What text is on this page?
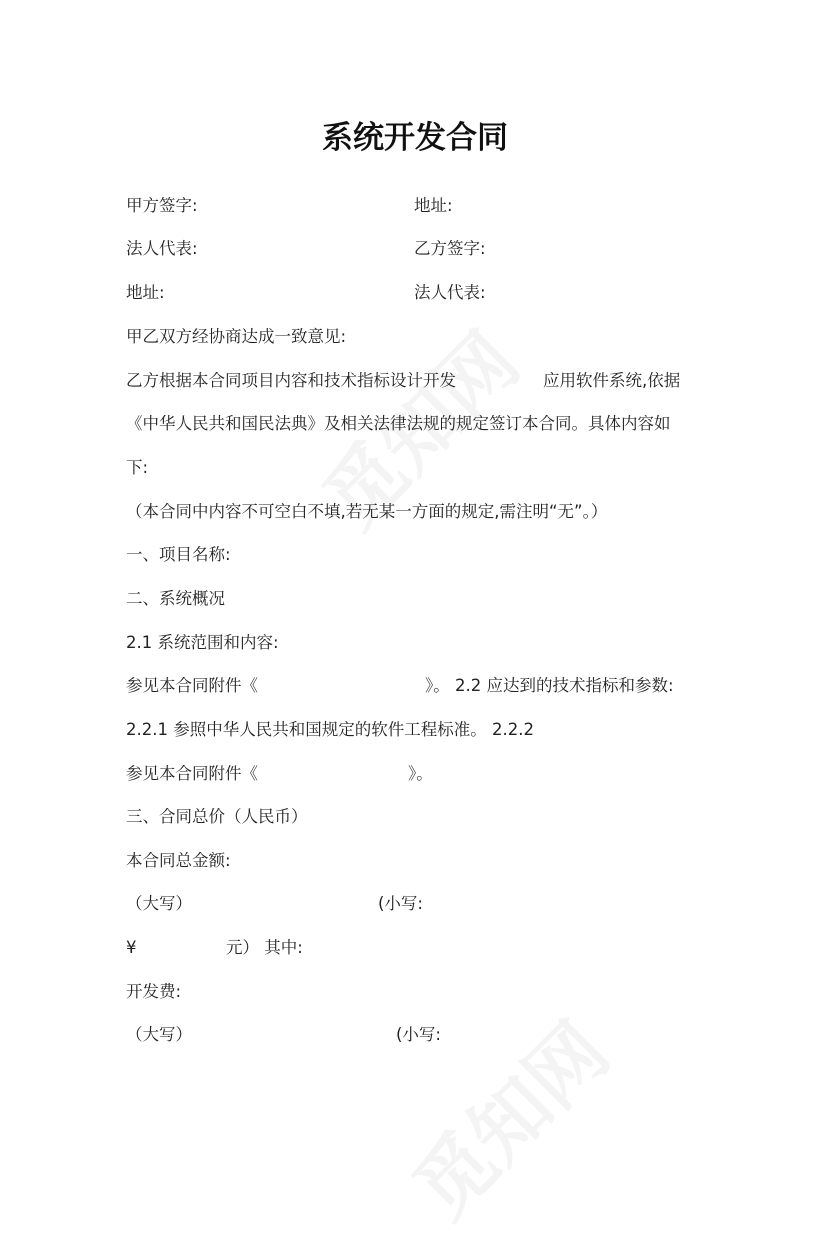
系统开发合同
甲方签字:	地址:
法人代表:	乙方签字:
地址:	法人代表:
甲乙双方经协商达成一致意见:
乙方根据本合同项目内容和技术指标设计开发	应用软件系统,依据
《中华人民共和国民法典》及相关法律法规的规定签订本合同。具体内容如
下:
（本合同中内容不可空白不填,若无某一方面的规定,需注明“无”。）
一、项目名称:
二、系统概况
2.1 系统范围和内容:
参见本合同附件《	》。 2.2 应达到的技术指标和参数:
2.2.1 参照中华人民共和国规定的软件工程标准。 2.2.2
参见本合同附件《	》。
三、合同总价（人民币）
本合同总金额:
（大写）	(小写:
¥	元） 其中:
开发费:
（大写）	(小写:
